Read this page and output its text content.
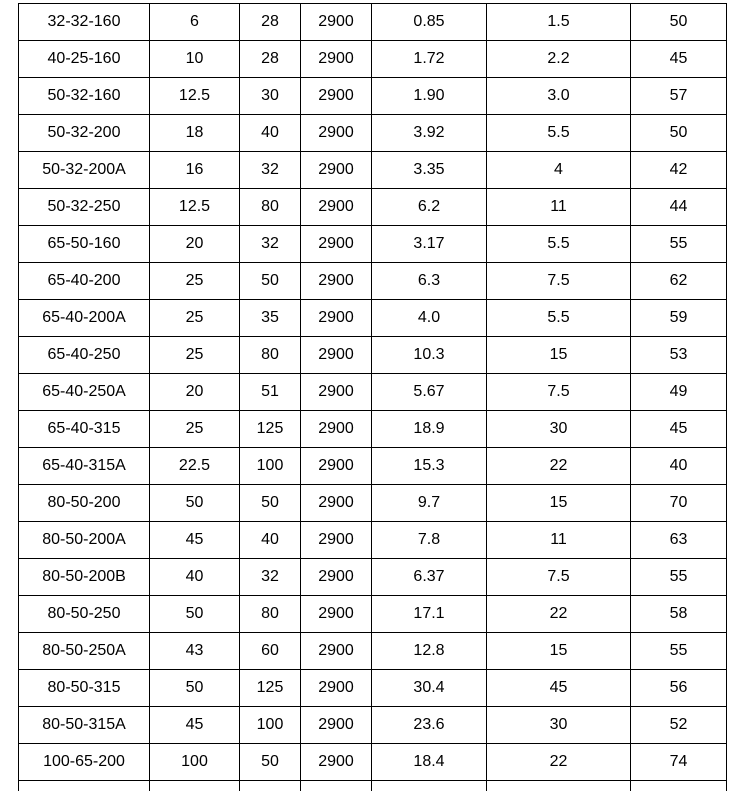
32-32-160	6	28	2900	0.85	1.5	50
40-25-160	10	28	2900	1.72	2.2	45
50-32-160	12.5	30	2900	1.90	3.0	57
50-32-200	18	40	2900	3.92	5.5	50
50-32-200A	16	32	2900	3.35	4	42
50-32-250	12.5	80	2900	6.2	11	44
65-50-160	20	32	2900	3.17	5.5	55
65-40-200	25	50	2900	6.3	7.5	62
65-40-200A	25	35	2900	4.0	5.5	59
65-40-250	25	80	2900	10.3	15	53
65-40-250A	20	51	2900	5.67	7.5	49
65-40-315	25	125	2900	18.9	30	45
65-40-315A	22.5	100	2900	15.3	22	40
80-50-200	50	50	2900	9.7	15	70
80-50-200A	45	40	2900	7.8	11	63
80-50-200B	40	32	2900	6.37	7.5	55
80-50-250	50	80	2900	17.1	22	58
80-50-250A	43	60	2900	12.8	15	55
80-50-315	50	125	2900	30.4	45	56
80-50-315A	45	100	2900	23.6	30	52
100-65-200	100	50	2900	18.4	22	74
